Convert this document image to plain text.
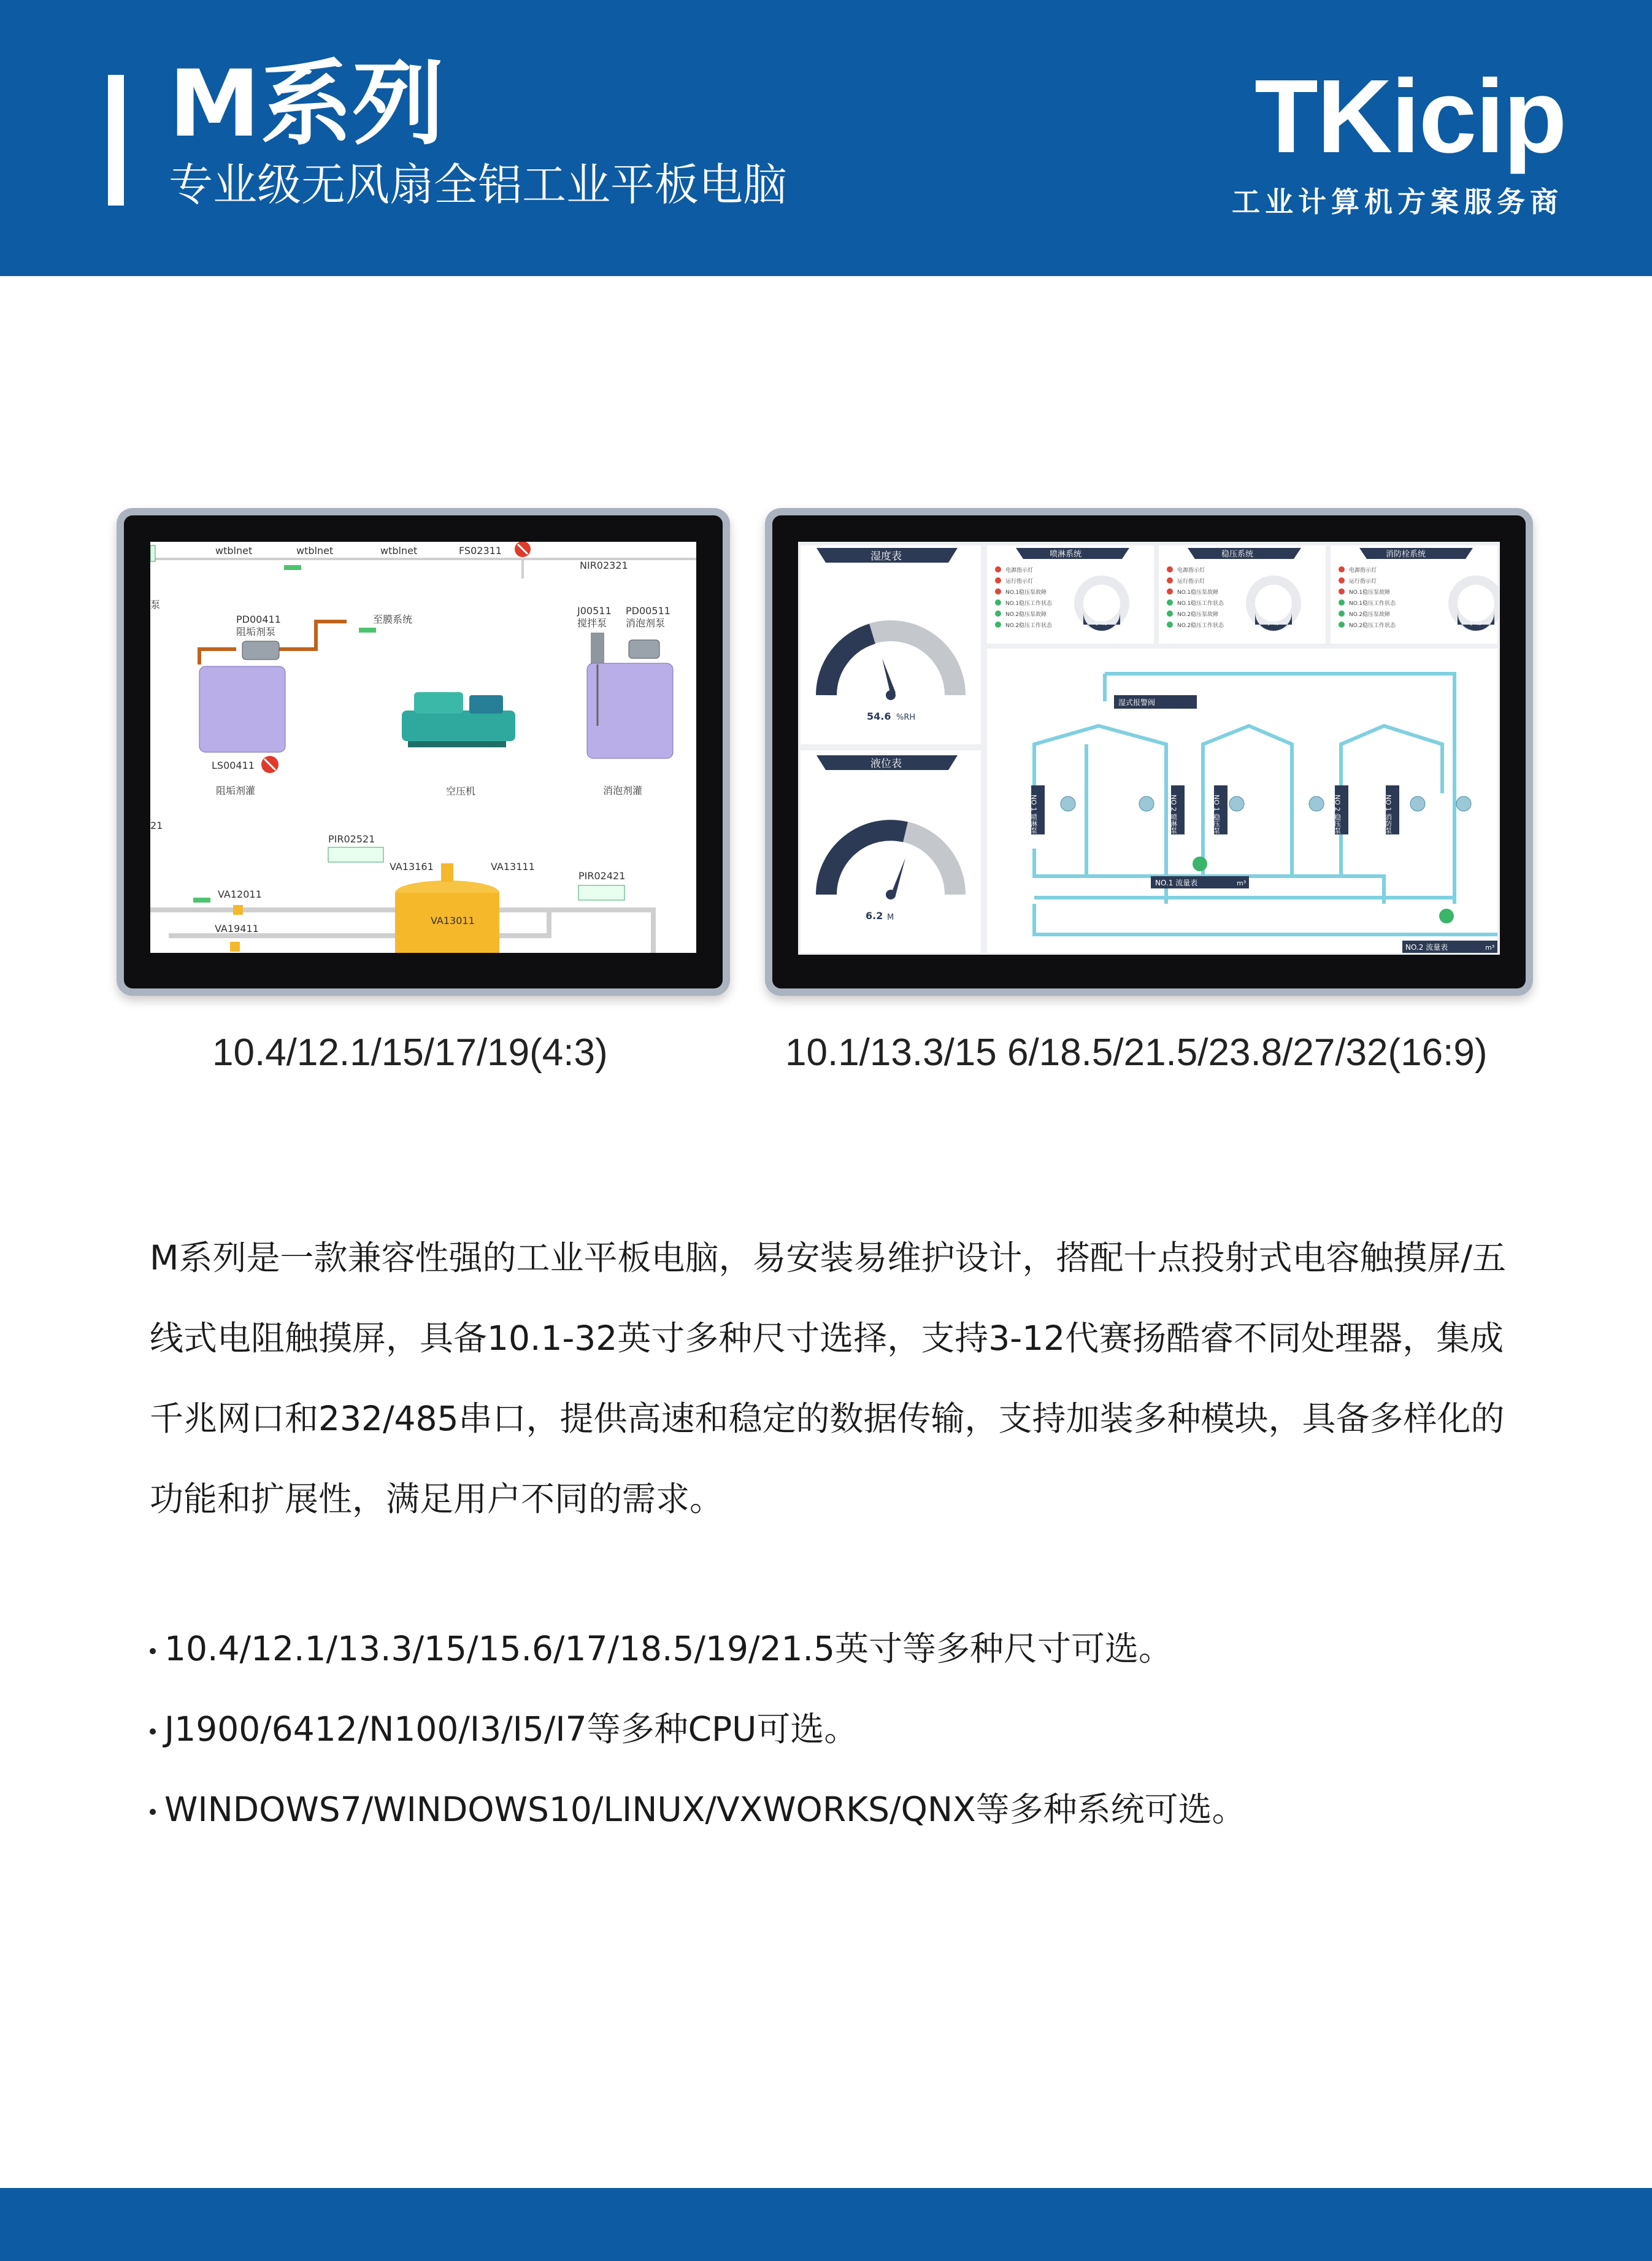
M系列
专业级无风扇全铝工业平板电脑
TKicip
工业计算机方案服务商
wtblnet	wtblnet	wtblnet	FS02311
NIR02321
泵
PD00411
阻垢剂泵
LS00411
阻垢剂灌
至膜系统
空压机
J00511
搅拌泵
PD00511
消泡剂泵
消泡剂灌
21
PIR02521
VA13161	VA13111
PIR02421
VA12011
VA19411
VA13011
10.4/12.1/15/17/19(4:3)
湿度表
54.6 %RH
液位表
6.2 M
喷淋系统
手动
稳压系统
手动
消防栓系统
手动
电源指示灯
运行指示灯
NO.1稳压泵故障
NO.1稳压工作状态
NO.2稳压泵故障
NO.2稳压工作状态
电源指示灯
运行指示灯
NO.1稳压泵故障
NO.1稳压工作状态
NO.2稳压泵故障
NO.2稳压工作状态
电源指示灯
运行指示灯
NO.1稳压泵故障
NO.1稳压工作状态
NO.2稳压泵故障
NO.2稳压工作状态
湿式报警阀
NO 1 喷淋泵	NO 2 喷淋泵	NO 1 稳压泵	NO 2 稳压泵	NO 1 消防泵
NO.1 流量表	m³
NO.2 流量表	m³
10.1/13.3/15 6/18.5/21.5/23.8/27/32(16:9)
M系列是一款兼容性强的工业平板电脑，易安装易维护设计，搭配十点投射式电容触摸屏/五线式电阻触摸屏，具备10.1-32英寸多种尺寸选择，支持3-12代赛扬酷睿不同处理器，集成千兆网口和232/485串口，提供高速和稳定的数据传输，支持加装多种模块，具备多样化的功能和扩展性，满足用户不同的需求。
10.4/12.1/13.3/15/15.6/17/18.5/19/21.5英寸等多种尺寸可选。
J1900/6412/N100/I3/I5/I7等多种CPU可选。
WINDOWS7/WINDOWS10/LINUX/VXWORKS/QNX等多种系统可选。
